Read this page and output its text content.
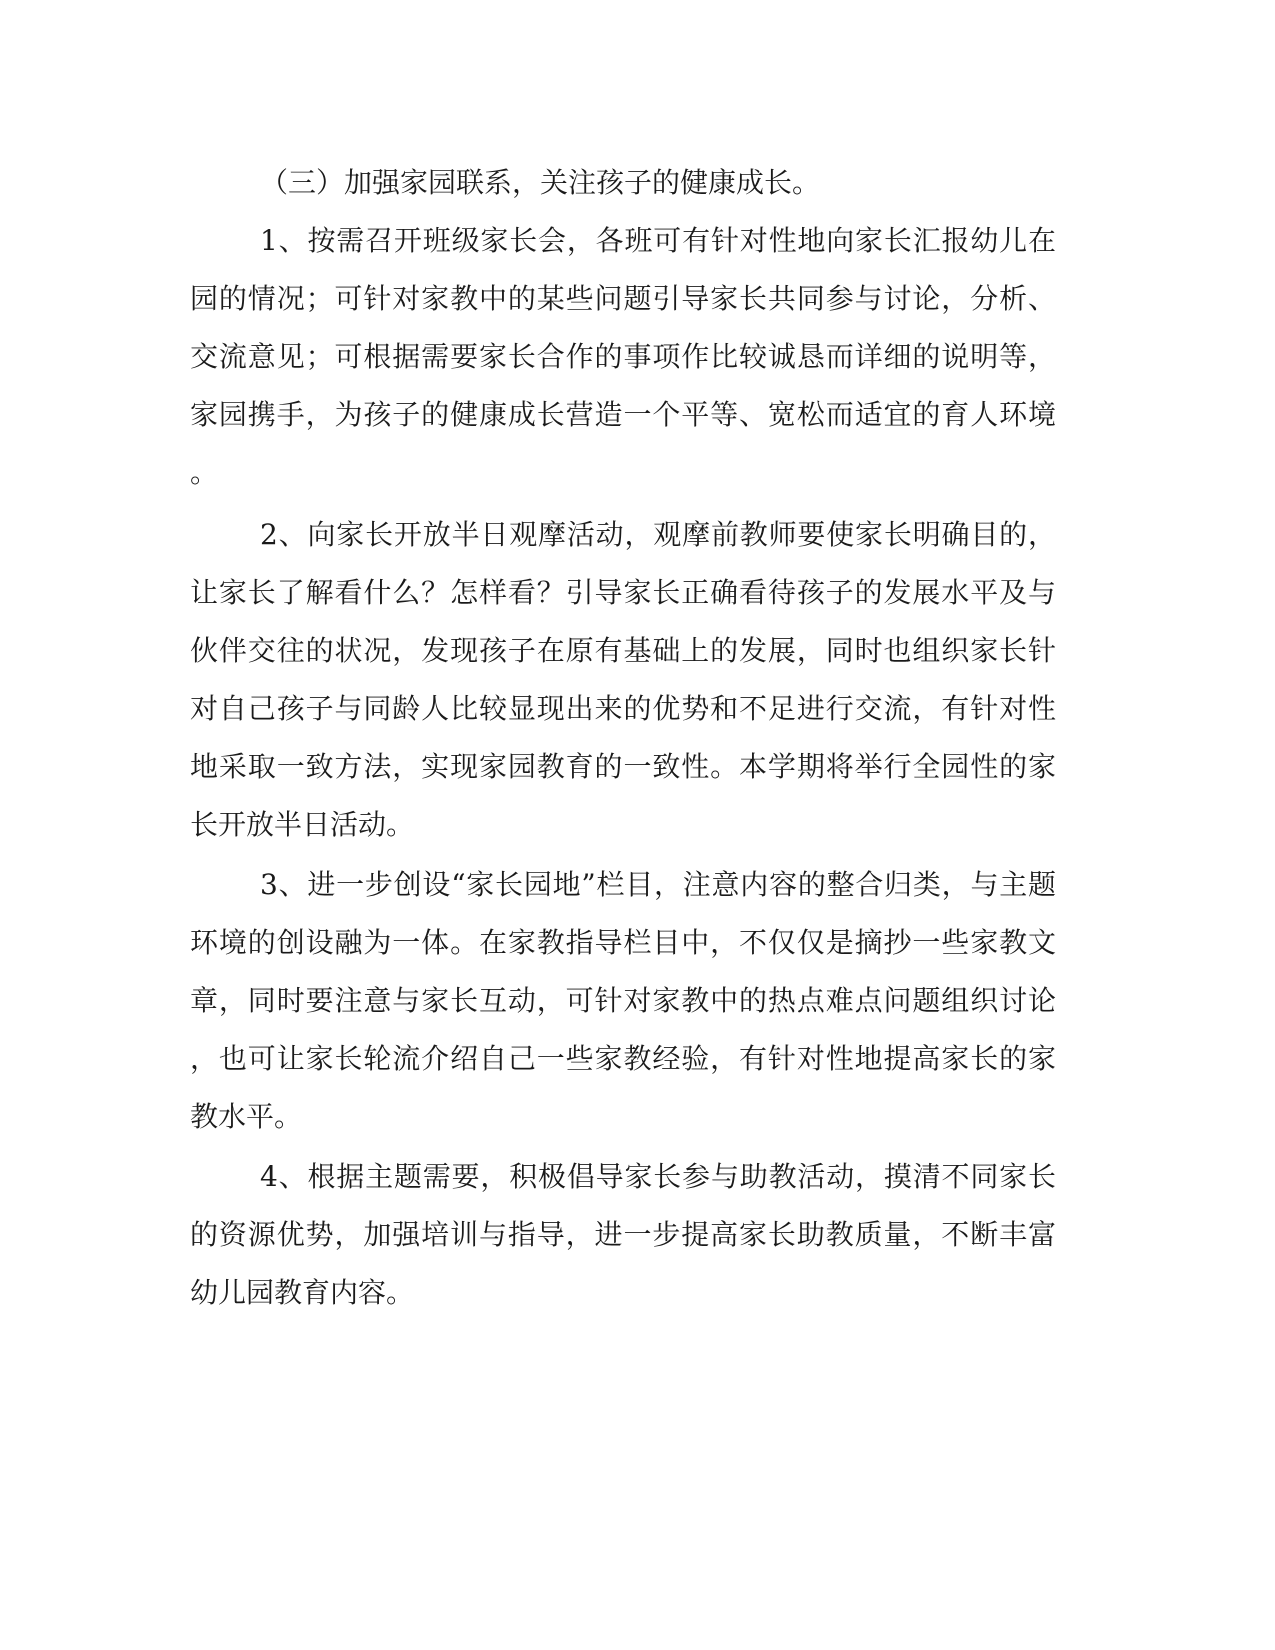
（三）加强家园联系，关注孩子的健康成长。
1、按需召开班级家长会，各班可有针对性地向家长汇报幼儿在
园的情况；可针对家教中的某些问题引导家长共同参与讨论，分析、
交流意见；可根据需要家长合作的事项作比较诚恳而详细的说明等，
家园携手，为孩子的健康成长营造一个平等、宽松而适宜的育人环境
。
2、向家长开放半日观摩活动，观摩前教师要使家长明确目的，
让家长了解看什么？怎样看？引导家长正确看待孩子的发展水平及与
伙伴交往的状况，发现孩子在原有基础上的发展，同时也组织家长针
对自己孩子与同龄人比较显现出来的优势和不足进行交流，有针对性
地采取一致方法，实现家园教育的一致性。本学期将举行全园性的家
长开放半日活动。
3、进一步创设“家长园地”栏目，注意内容的整合归类，与主题
环境的创设融为一体。在家教指导栏目中，不仅仅是摘抄一些家教文
章，同时要注意与家长互动，可针对家教中的热点难点问题组织讨论
，也可让家长轮流介绍自己一些家教经验，有针对性地提高家长的家
教水平。
4、根据主题需要，积极倡导家长参与助教活动，摸清不同家长
的资源优势，加强培训与指导，进一步提高家长助教质量，不断丰富
幼儿园教育内容。
